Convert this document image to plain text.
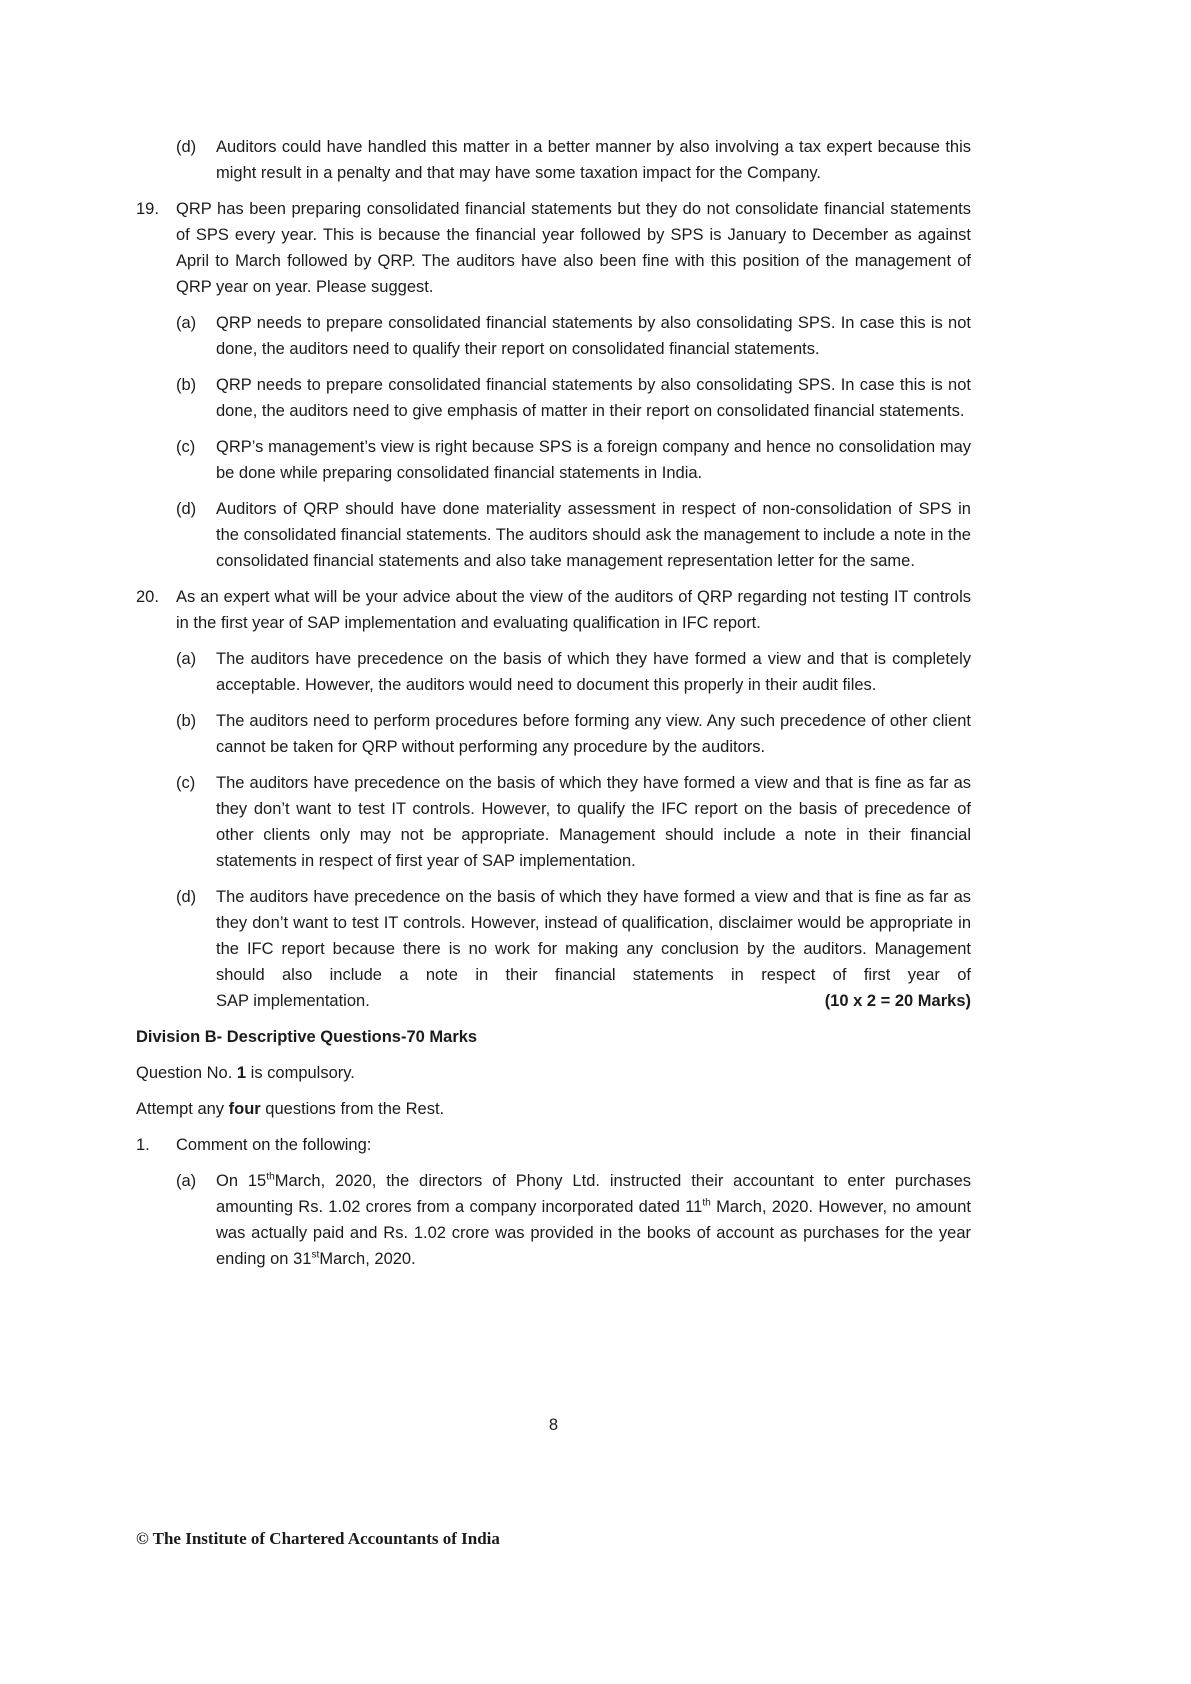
(d)	Auditors could have handled this matter in a better manner by also involving a tax expert because this might result in a penalty and that may have some taxation impact for the Company.

19.	QRP has been preparing consolidated financial statements but they do not consolidate financial statements of SPS every year. This is because the financial year followed by SPS is January to December as against April to March followed by QRP. The auditors have also been fine with this position of the management of QRP year on year. Please suggest.

(a)	QRP needs to prepare consolidated financial statements by also consolidating SPS. In case this is not done, the auditors need to qualify their report on consolidated financial statements.

(b)	QRP needs to prepare consolidated financial statements by also consolidating SPS. In case this is not done, the auditors need to give emphasis of matter in their report on consolidated financial statements.

(c)	QRP’s management’s view is right because SPS is a foreign company and hence no consolidation may be done while preparing consolidated financial statements in India.

(d)	Auditors of QRP should have done materiality assessment in respect of non-consolidation of SPS in the consolidated financial statements. The auditors should ask the management to include a note in the consolidated financial statements and also take management representation letter for the same.

20.	As an expert what will be your advice about the view of the auditors of QRP regarding not testing IT controls in the first year of SAP implementation and evaluating qualification in IFC report.

(a)	The auditors have precedence on the basis of which they have formed a view and that is completely acceptable. However, the auditors would need to document this properly in their audit files.

(b)	The auditors need to perform procedures before forming any view. Any such precedence of other client cannot be taken for QRP without performing any procedure by the auditors.

(c)	The auditors have precedence on the basis of which they have formed a view and that is fine as far as they don’t want to test IT controls. However, to qualify the IFC report on the basis of precedence of other clients only may not be appropriate. Management should include a note in their financial statements in respect of first year of SAP implementation.

(d)	The auditors have precedence on the basis of which they have formed a view and that is fine as far as they don’t want to test IT controls. However, instead of qualification, disclaimer would be appropriate in the IFC report because there is no work for making any conclusion by the auditors. Management should also include a note in their financial statements in respect of first year of

SAP implementation.	(10 x 2 = 20 Marks)

Division B- Descriptive Questions-70 Marks

Question No. 1 is compulsory.

Attempt any four questions from the Rest.

1.	Comment on the following:

(a)	On 15thMarch, 2020, the directors of Phony Ltd. instructed their accountant to enter purchases amounting Rs. 1.02 crores from a company incorporated dated 11th March, 2020. However, no amount was actually paid and Rs. 1.02 crore was provided in the books of account as purchases for the year ending on 31stMarch, 2020.

8
© The Institute of Chartered Accountants of India
